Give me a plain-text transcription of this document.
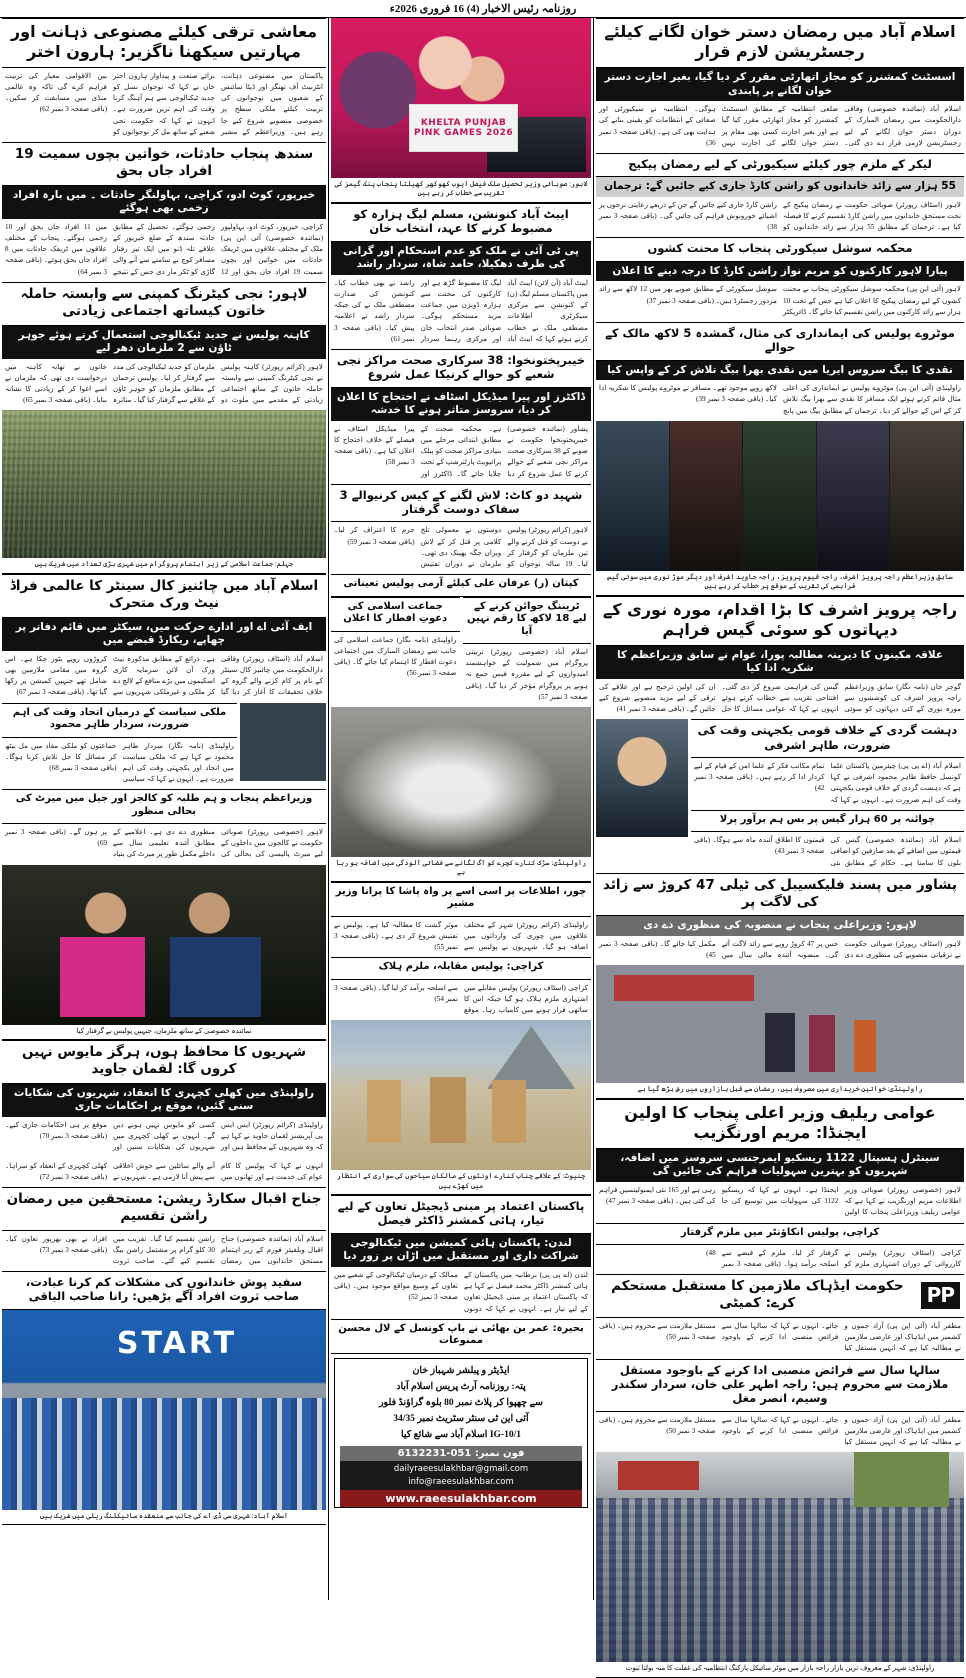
روزنامہ رئیس الاخبار (4) 16 فروری 2026ء
اسلام آباد میں رمضان دستر خوان لگانے کیلئے رجسٹریشن لازم قرار
اسسٹنٹ کمشنرز کو مجاز اتھارٹی مقرر کر دیا گیا، بغیر اجازت دستر خوان لگانے پر پابندی
اسلام آباد (نمائندہ خصوصی) وفاقی دارالحکومت میں رمضان المبارک کے دوران دستر خوان لگانے کے لیے رجسٹریشن لازمی قرار دے دی گئی۔ ضلعی انتظامیہ کے مطابق اسسٹنٹ کمشنرز کو مجاز اتھارٹی مقرر کیا گیا ہے اور بغیر اجازت کسی بھی مقام پر دستر خوان لگانے کی اجازت نہیں ہوگی۔ انتظامیہ نے سیکیورٹی اور صفائی کے انتظامات کو یقینی بنانے کی ہدایت بھی کی ہے۔ (باقی صفحہ 3 نمبر 36)
لیکر کے ملزم چور کیلئے سیکیورٹی کے لیے رمضان پیکیج
55 ہزار سے زائد خاندانوں کو راشن کارڈ جاری کیے جائیں گے: ترجمان
لاہور (اسٹاف رپورٹر) صوبائی حکومت نے رمضان پیکیج کے تحت مستحق خاندانوں میں راشن کارڈ تقسیم کرنے کا فیصلہ کیا ہے۔ ترجمان کے مطابق 55 ہزار سے زائد خاندانوں کو راشن کارڈ جاری کیے جائیں گے جن کے ذریعے رعایتی نرخوں پر اشیائے خورونوش فراہم کی جائیں گی۔ (باقی صفحہ 3 نمبر 38)
محکمہ سوشل سیکورٹی پنجاب کا محنت کشوں
پیارا لاہور کارکنوں کو مریم نواز راشن کارڈ کا درجہ دینے کا اعلان
لاہور (آئی این پی) محکمہ سوشل سیکورٹی پنجاب نے محنت کشوں کے لیے رمضان پیکیج کا اعلان کیا ہے جس کے تحت 10 ہزار سے زائد کارکنوں میں راشن تقسیم کیا جائے گا۔ ڈائریکٹر سوشل سیکورٹی کے مطابق صوبے بھر میں 12 لاکھ سے زائد مزدور رجسٹرڈ ہیں۔ (باقی صفحہ 3 نمبر 37)
موٹروے پولیس کی ایمانداری کی مثال، گمشدہ 5 لاکھ مالک کے حوالے
نقدی کا بیگ سروس ایریا میں نقدی بھرا بیگ تلاش کر کے واپس کیا
راولپنڈی (آئی این پی) موٹروے پولیس نے ایمانداری کی اعلی مثال قائم کرتے ہوئے ایک مسافر کا نقدی سے بھرا بیگ تلاش کر کے اس کے حوالے کر دیا۔ ترجمان کے مطابق بیگ میں پانچ لاکھ روپے موجود تھے۔ مسافر نے موٹروے پولیس کا شکریہ ادا کیا۔ (باقی صفحہ 3 نمبر 39)
سابق وزیراعظم راجہ پرویز اشرف، راجہ قیوم پرویز، راجہ جاوید اشرف اور دیگر موڑ نوری میں سوئی گیس فراہمی کی تقریب کے موقع پر خطاب کر رہے ہیں
راجہ پرویز اشرف کا بڑا اقدام، مورہ نوری کے دیہاتوں کو سوئی گیس فراہم
علاقہ مکینوں کا دیرینہ مطالبہ پورا، عوام نے سابق وزیراعظم کا شکریہ ادا کیا
گوجر خان (نامہ نگار) سابق وزیراعظم راجہ پرویز اشرف کی کوششوں سے مورہ نوری کے کئی دیہاتوں کو سوئی گیس کی فراہمی شروع کر دی گئی۔ افتتاحی تقریب سے خطاب کرتے ہوئے انہوں نے کہا کہ عوامی مسائل کا حل ان کی اولین ترجیح ہے اور علاقے کی ترقی کے لیے مزید منصوبے شروع کیے جائیں گے۔ (باقی صفحہ 3 نمبر 41)
دہشت گردی کے خلاف قومی یکجہتی وقت کی ضرورت، طاہر اشرفی
اسلام آباد (اے پی پی) چیئرمین پاکستان علما کونسل حافظ طاہر محمود اشرفی نے کہا ہے کہ دہشت گردی کے خلاف قومی یکجہتی وقت کی اہم ضرورت ہے۔ انہوں نے کہا کہ تمام مکاتب فکر کے علما امن کے قیام کے لیے کردار ادا کر رہے ہیں۔ (باقی صفحہ 3 نمبر 42)
چوائنہ پر 60 ہزار گیس پر بس ہم برآور پرلا
اسلام آباد (نمائندہ خصوصی) گیس کی قیمتوں میں اضافے کے بعد صارفین کو اضافی بلوں کا سامنا ہے۔ حکام کے مطابق نئی قیمتوں کا اطلاق آئندہ ماہ سے ہوگا۔ (باقی صفحہ 3 نمبر 43)
پشاور میں پسند فلیکسیبل کی ٹیلی 47 کروڑ سے زائد کی لاگت پر
لاہور: وزیراعلی پنجاب نے منصوبہ کی منظوری دے دی
لاہور (اسٹاف رپورٹر) صوبائی حکومت نے ترقیاتی منصوبے کی منظوری دے دی جس پر 47 کروڑ روپے سے زائد لاگت آئے گی۔ منصوبہ آئندہ مالی سال میں مکمل کیا جائے گا۔ (باقی صفحہ 3 نمبر 45)
راولپنڈی: خواتین خریداری میں مصروف ہیں، رمضان سے قبل بازاروں میں رش بڑھ گیا ہے
عوامی ریلیف وزیر اعلی پنجاب کا اولین ایجنڈا: مریم اورنگزیب
سینٹرل ہسپتال 1122 ریسکیو ایمرجنسی سروسز میں اضافہ، شہریوں کو بہترین سہولیات فراہم کی جائیں گی
لاہور (خصوصی رپورٹر) صوبائی وزیر اطلاعات مریم اورنگزیب نے کہا ہے کہ عوامی ریلیف وزیراعلی پنجاب کا اولین ایجنڈا ہے۔ انہوں نے کہا کہ ریسکیو 1122 کی سہولیات میں توسیع کی جا رہی ہے اور 165 نئی ایمبولینسیں فراہم کی گئی ہیں۔ (باقی صفحہ 3 نمبر 47)
کراچی، پولیس انکاؤنٹر میں ملزم گرفتار
کراچی (اسٹاف رپورٹر) پولیس نے کارروائی کے دوران اشتہاری ملزم کو گرفتار کر لیا۔ ملزم کے قبضے سے اسلحہ برآمد ہوا۔ (باقی صفحہ 3 نمبر 48)
PP
حکومت ایڈہاک ملازمین کا مستقبل مستحکم کرے: کمیٹی
مظفر آباد (آئی این پی) آزاد جموں و کشمیر میں ایڈہاک اور عارضی ملازمین نے مطالبہ کیا ہے کہ انہیں مستقل کیا جائے۔ انہوں نے کہا کہ سالہا سال سے فرائض منصبی ادا کرنے کے باوجود مستقل ملازمت سے محروم ہیں۔ (باقی صفحہ 3 نمبر 50)
سالہا سال سے فرائض منصبی ادا کرنے کے باوجود مستقل ملازمت سے محروم ہیں: راجہ اطہر علی خان، سردار سکندر وسیم، انصر مغل
مظفر آباد (آئی این پی) آزاد جموں و کشمیر میں ایڈہاک اور عارضی ملازمین نے مطالبہ کیا ہے کہ انہیں مستقل کیا جائے۔ انہوں نے کہا کہ سالہا سال سے فرائض منصبی ادا کرنے کے باوجود مستقل ملازمت سے محروم ہیں۔ (باقی صفحہ 3 نمبر 50)
راولپنڈی: شہر کے معروف ترین بازار راجہ بازار میں موٹر سائیکل پارکنگ انتظامیہ کی غفلت کا منہ بولتا ثبوت
KHELTA PUNJAB
PINK GAMES 2026
لاہور: صوبائی وزیر تحصیل ملک فیصل ایوب کھوکھر کھیلتا پنجاب پنک گیمز کی تقریب سے خطاب کر رہے ہیں
ایبٹ آباد کنونشن، مسلم لیگ ہزارہ کو مضبوط کرنے کا عہد، انتخاب خان
پی ٹی آئی نے ملک کو عدم استحکام اور گرانی کی طرف دھکیلا، حامد شاہ، سردار راشد
ایبٹ آباد (آن لائن) ایبٹ آباد میں پاکستان مسلم لیگ (ن) کے کنونشن سے مرکزی سیکرٹری اطلاعات مصطفی ملک نے خطاب کرتے ہوئے کہا کہ ایبٹ آباد لیگ کا مضبوط گڑھ ہے اور کارکنوں کی محنت سے ہزارہ ڈویژن میں جماعت مزید مستحکم ہوگی۔ صوبائی صدر انتخاب خان اور مرکزی رہنما سردار راشد نے بھی خطاب کیا۔ کنونشن کی صدارت مصطفی ملک نے کی جبکہ سردار راشد نے اعلامیہ پیش کیا۔ (باقی صفحہ 3 نمبر 61)
خیبرپختونخوا: 38 سرکاری صحت مراکز نجی شعبے کو حوالے کرنیکا عمل شروع
ڈاکٹرز اور پیرا میڈیکل اسٹاف نے احتجاج کا اعلان کر دیا، سروسز متاثر ہونے کا خدشہ
پشاور (نمائندہ خصوصی) خیبرپختونخوا حکومت نے صوبے کے 38 سرکاری صحت مراکز نجی شعبے کے حوالے کرنے کا عمل شروع کر دیا ہے۔ محکمہ صحت کے مطابق ابتدائی مرحلے میں بنیادی مراکز صحت کو پبلک پرائیویٹ پارٹنرشپ کے تحت چلایا جائے گا۔ ڈاکٹرز اور پیرا میڈیکل اسٹاف نے فیصلے کے خلاف احتجاج کا اعلان کیا ہے۔ (باقی صفحہ 3 نمبر 58)
شہید دو کاٹ: لاش لگنے کے کیس کرنیوالے 3 سفاک دوست گرفتار
لاہور (کرائم رپورٹر) پولیس نے دوست کو قتل کرنے والے تین ملزمان کو گرفتار کر لیا۔ 19 سالہ نوجوان کو دوستوں نے معمولی تلخ کلامی پر قتل کر کے لاش ویران جگہ پھینک دی تھی۔ ملزمان نے دوران تفتیش جرم کا اعتراف کر لیا۔ (باقی صفحہ 3 نمبر 59)
کپتان (ر) عرفان علی کیلئے آرمی پولیس تعیناتی
ٹریننگ جوائن کرنے کے لیے 18 لاکھ کا رقم نہیں آیا
اسلام آباد (خصوصی رپورٹر) تربیتی پروگرام میں شمولیت کے خواہشمند امیدواروں کے لیے مقررہ فیس جمع نہ ہونے پر پروگرام مؤخر کر دیا گیا۔ (باقی صفحہ 3 نمبر 57)
جماعت اسلامی کی دعوتِ افطار کا اعلان
راولپنڈی (نامہ نگار) جماعت اسلامی کی جانب سے رمضان المبارک میں اجتماعی دعوت افطار کا اہتمام کیا جائے گا۔ (باقی صفحہ 3 نمبر 56)
راولپنڈی: سڑک کنارے کچرے کو آگ لگانے سے فضائی آلودگی میں اضافہ ہو رہا ہے
چور، اطلاعات پر اسی اسے پر واہ پاشا کا پرانا وزیر مشیر
راولپنڈی (کرائم رپورٹر) شہر کے مختلف علاقوں میں چوری کی وارداتوں میں اضافہ ہو گیا۔ شہریوں نے پولیس سے موثر گشت کا مطالبہ کیا ہے۔ پولیس نے تفتیش شروع کر دی ہے۔ (باقی صفحہ 3 نمبر 55)
کراچی: پولیس مقابلہ، ملزم ہلاک
کراچی (اسٹاف رپورٹر) پولیس مقابلے میں اشتہاری ملزم ہلاک ہو گیا جبکہ اس کا ساتھی فرار ہونے میں کامیاب رہا۔ موقع سے اسلحہ برآمد کر لیا گیا۔ (باقی صفحہ 3 نمبر 54)
چنیوٹ: کے علاقے چناب کنارے اونٹوں کے مالکان سیاحوں کی سواری کے انتظار میں کھڑے ہیں
پاکستان اعتماد پر مبنی ڈیجیٹل تعاون کے لیے تیار، ہائی کمشنر ڈاکٹر فیصل
لندن: پاکستان ہائی کمیشن میں ٹیکنالوجی شراکت داری اور مستقبل میں اڑان پر زور دیا
لندن (اے پی پی) برطانیہ میں پاکستان کے ہائی کمشنر ڈاکٹر محمد فیصل نے کہا ہے کہ پاکستان اعتماد پر مبنی ڈیجیٹل تعاون کے لیے تیار ہے۔ انہوں نے کہا کہ دونوں ممالک کے درمیان ٹیکنالوجی کے شعبے میں تعاون کے وسیع مواقع موجود ہیں۔ (باقی صفحہ 3 نمبر 52)
بحیرہ: عمر بن بھائی نے باپ کونسل کے لال محسن ممنوعات
ایڈیٹر و پبلشر شہباز خان
پتہ: روزنامہ آرٹ پریس اسلام آباد
سے چھپوا کر پلاٹ نمبر 80 بلوہ گراؤنڈ فلور
آئی این ٹی سنٹر سٹریٹ نمبر 34/35
IG-10/1 اسلام آباد سے شائع کیا
فون نمبر: 051-6132231
dailyraeesulakhbar@gmail.com
info@raeesulakhbar.com
www.raeesulakhbar.com
معاشی ترقی کیلئے مصنوعی ذہانت اور مہارتیں سیکھنا ناگزیر: ہارون اختر
پاکستان میں مصنوعی ذہانت، انٹرنیٹ آف تھنگز اور ڈیٹا سائنس کے شعبوں میں نوجوانوں کی تربیت کیلئے ملکی سطح پر خصوصی منصوبے شروع کیے جا رہے ہیں۔ وزیراعظم کے مشیر برائے صنعت و پیداوار ہارون اختر خان نے کہا کہ نوجوان نسل کو جدید ٹیکنالوجی سے ہم آہنگ کرنا وقت کی اہم ترین ضرورت ہے۔ انہوں نے کہا کہ حکومت نجی شعبے کے ساتھ مل کر نوجوانوں کو بین الاقوامی معیار کی تربیت فراہم کرے گی تاکہ وہ عالمی منڈی میں مسابقت کر سکیں۔ (باقی صفحہ 3 نمبر 62)
سندھ پنجاب حادثات، خواتین بچوں سمیت 19 افراد جاں بحق
خیرپور، کوٹ ادو، کراچی، بہاولنگر حادثات ۔ میں بارہ افراد زخمی بھی ہوگئے
کراچی، خیرپور، کوٹ ادو، بہاولپور (نمائندہ خصوصی) آئی این پی) ملک کے مختلف علاقوں میں ٹریفک حادثات میں خواتین اور بچوں سمیت 19 افراد جاں بحق اور 12 زخمی ہوگئے۔ تحصیل کے مطابق حادثہ سندھ کے ضلع خیرپور کے علاقے تلہ ڈنو میں ایک تیز رفتار مسافر کوچ نے سامنے سے آنے والی گاڑی کو ٹکر مار دی جس کے نتیجے میں 11 افراد جاں بحق اور 10 زخمی ہوگئے۔ پنجاب کے مختلف علاقوں میں ٹریفک حادثات میں 8 افراد جاں بحق ہوئے۔ (باقی صفحہ 3 نمبر 64)
لاہور: نجی کیٹرنگ کمپنی سے وابستہ حاملہ خاتون کیساتھ اجتماعی زیادتی
کاہنہ پولیس نے جدید ٹیکنالوجی استعمال کرتے ہوئے جوہر ٹاؤن سے 2 ملزمان دھر لیے
لاہور (کرائم رپورٹر) کاہنہ پولیس نے نجی کیٹرنگ کمپنی سے وابستہ حاملہ خاتون کے ساتھ اجتماعی زیادتی کے مقدمے میں ملوث دو ملزمان کو جدید ٹیکنالوجی کی مدد سے گرفتار کر لیا۔ پولیس ترجمان کے مطابق ملزمان کو جوہر ٹاؤن کے علاقے سے گرفتار کیا گیا۔ متاثرہ خاتون نے تھانہ کاہنہ میں درخواست دی تھی کہ ملزمان نے اسے اغوا کر کے زیادتی کا نشانہ بنایا۔ (باقی صفحہ 3 نمبر 65)
جہلم: جماعت اسلامی کے زیر اہتمام پروگرام میں شہری بڑی تعداد میں شریک ہیں
اسلام آباد میں چائنیز کال سینٹر کا عالمی فراڈ نیٹ ورک متحرک
ایف آئی اے اور ادارے حرکت میں، سیکٹر میں قائم دفاتر پر چھاپے، ریکارڈ قبضے میں
اسلام آباد (اسٹاف رپورٹر) وفاقی دارالحکومت میں چائنیز کال سینٹر کے نام پر کام کرنے والے گروہ کے خلاف تحقیقات کا آغاز کر دیا گیا ہے۔ ذرائع کے مطابق مذکورہ نیٹ ورک آن لائن سرمایہ کاری اسکیموں میں بڑے منافع کے لالچ دے کر ملکی و غیرملکی شہریوں سے کروڑوں روپے بٹور چکا ہے۔ اس گروہ میں مقامی ملازمین بھی شامل تھے جنہیں کمیشن پر رکھا گیا تھا۔ (باقی صفحہ 3 نمبر 67)
ملکی سیاست کے درمیان اتحاد وقت کی اہم ضرورت، سردار طاہر محمود
راولپنڈی (نامہ نگار) سردار طاہر محمود نے کہا ہے کہ ملکی سیاست میں اتحاد اور یکجہتی وقت کی اہم ضرورت ہے۔ انہوں نے کہا کہ سیاسی جماعتوں کو ملکی مفاد میں مل بیٹھ کر مسائل کا حل تلاش کرنا ہوگا۔ (باقی صفحہ 3 نمبر 68)
وزیراعظم پنجاب و ہم طلبہ کو کالجز اور جیل میں میرٹ کی بحالی منظور
لاہور (خصوصی رپورٹر) صوبائی حکومت نے کالجوں میں داخلوں کے لیے میرٹ پالیسی کی بحالی کی منظوری دے دی ہے۔ اعلامیے کے مطابق آئندہ تعلیمی سال سے داخلے مکمل طور پر میرٹ کی بنیاد پر ہوں گے۔ (باقی صفحہ 3 نمبر 69)
نمائندہ خصوصی کے ساتھ ملزمان، جنہیں پولیس نے گرفتار کیا
شہریوں کا محافظ ہوں، ہرگز مایوس نہیں کروں گا: لقمان جاوید
راولپنڈی میں کھلی کچہری کا انعقاد، شہریوں کی شکایات سنی گئیں، موقع پر احکامات جاری
راولپنڈی (کرائم رپورٹر) ایس ایس پی آپریشنز لقمان جاوید نے کہا ہے کہ وہ شہریوں کے محافظ ہیں اور کسی کو مایوس نہیں ہونے دیں گے۔ انہوں نے کھلی کچہری میں شہریوں کی شکایات سنیں اور موقع پر ہی احکامات جاری کیے۔ (باقی صفحہ 3 نمبر 70)
انہوں نے کہا کہ پولیس کا کام عوام کی خدمت ہے اور تھانوں میں آنے والے سائلین سے خوش اخلاقی سے پیش آنا لازمی ہے۔ شہریوں نے کھلی کچہری کے انعقاد کو سراہا۔ (باقی صفحہ 3 نمبر 72)
جناح اقبال سکارڈ ریشن: مستحقین میں رمضان راشن تقسیم
اسلام آباد (نمائندہ خصوصی) جناح اقبال ویلفیئر فورم کے زیر اہتمام مستحق خاندانوں میں رمضان راشن تقسیم کیا گیا۔ تقریب میں 30 کلو گرام پر مشتمل راشن بیگ تقسیم کیے گئے۔ صاحب ثروت افراد نے بھی بھرپور تعاون کیا۔ (باقی صفحہ 3 نمبر 73)
سفید پوش خاندانوں کی مشکلات کم کرنا عبادت، صاحب ثروت افراد آگے بڑھیں: رانا صاحب الباقی
START
اسلام آباد: شہری سی ڈی اے کی جانب سے منعقدہ سائیکلنگ ریلی میں شریک ہیں
